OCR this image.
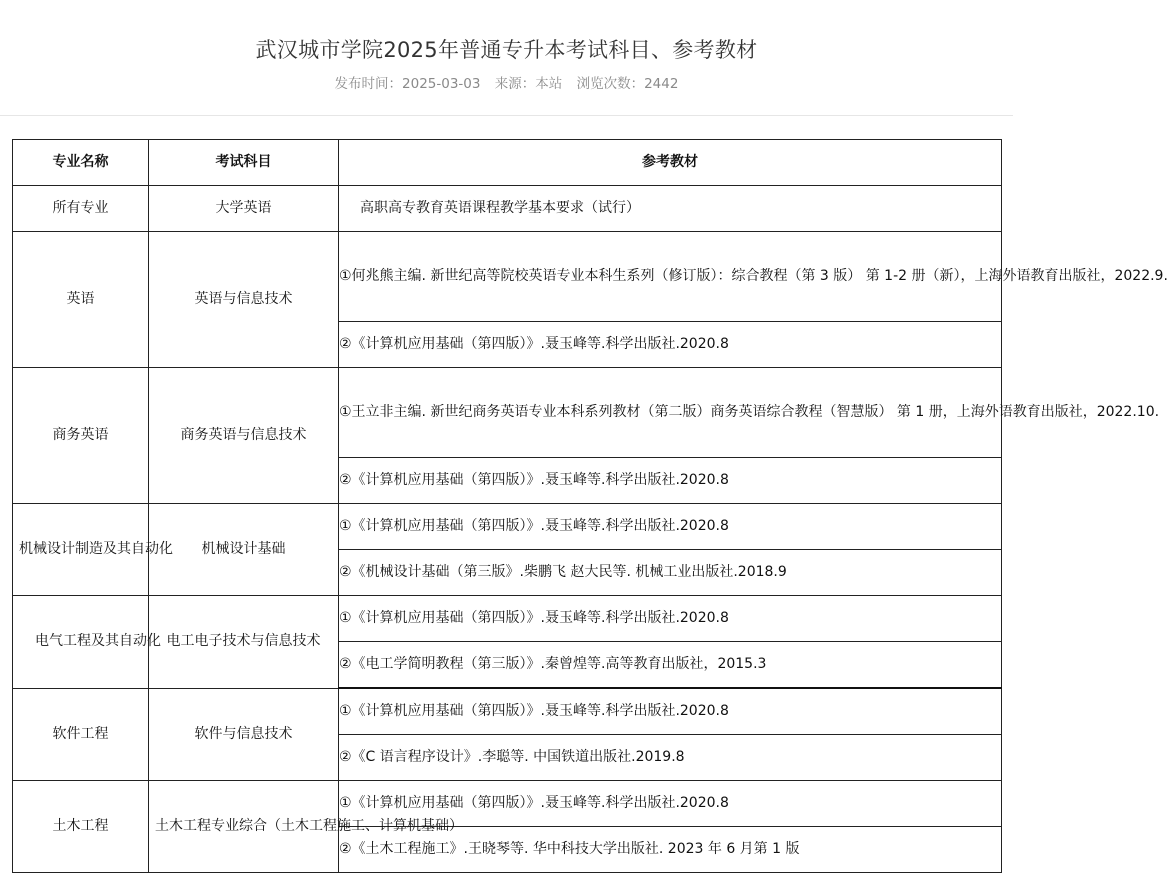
武汉城市学院2025年普通专升本考试科目、参考教材
发布时间：2025-03-03 来源：本站 浏览次数：2442
专业名称	考试科目	参考教材
所有专业	大学英语	高职高专教育英语课程教学基本要求（试行）
英语	英语与信息技术	①何兆熊主编. 新世纪高等院校英语专业本科生系列（修订版）：综合教程（第 3 版） 第 1-2 册（新），上海外语教育出版社，2022.9.
		②《计算机应用基础（第四版）》.聂玉峰等.科学出版社.2020.8
商务英语	商务英语与信息技术	①王立非主编. 新世纪商务英语专业本科系列教材（第二版）商务英语综合教程（智慧版） 第 1 册，上海外语教育出版社，2022.10.
		②《计算机应用基础（第四版）》.聂玉峰等.科学出版社.2020.8
机械设计制造及其自动化	机械设计基础	①《计算机应用基础（第四版）》.聂玉峰等.科学出版社.2020.8
		②《机械设计基础（第三版》.柴鹏飞 赵大民等. 机械工业出版社.2018.9
电气工程及其自动化	电工电子技术与信息技术	①《计算机应用基础（第四版）》.聂玉峰等.科学出版社.2020.8
		②《电工学简明教程（第三版）》.秦曾煌等.高等教育出版社，2015.3
软件工程	软件与信息技术	①《计算机应用基础（第四版）》.聂玉峰等.科学出版社.2020.8
		②《C 语言程序设计》.李聪等. 中国铁道出版社.2019.8
土木工程	土木工程专业综合（土木工程施工、计算机基础）	①《计算机应用基础（第四版）》.聂玉峰等.科学出版社.2020.8
		②《土木工程施工》.王晓琴等. 华中科技大学出版社. 2023 年 6 月第 1 版
